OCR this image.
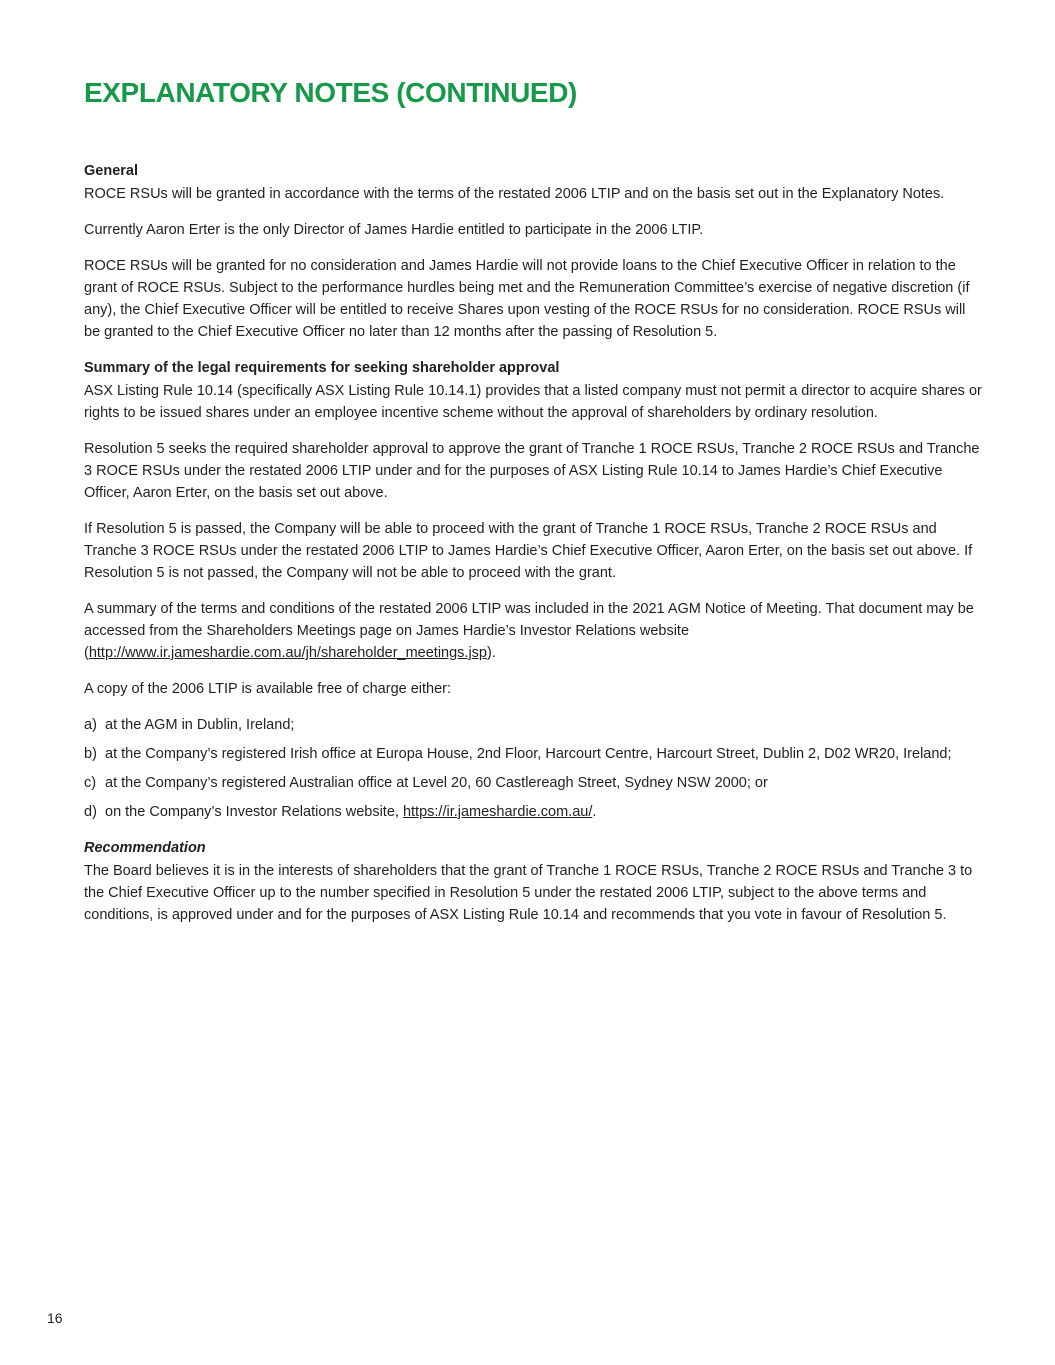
EXPLANATORY NOTES (CONTINUED)
General

ROCE RSUs will be granted in accordance with the terms of the restated 2006 LTIP and on the basis set out in the Explanatory Notes.

Currently Aaron Erter is the only Director of James Hardie entitled to participate in the 2006 LTIP.

ROCE RSUs will be granted for no consideration and James Hardie will not provide loans to the Chief Executive Officer in relation to the grant of ROCE RSUs. Subject to the performance hurdles being met and the Remuneration Committee’s exercise of negative discretion (if any), the Chief Executive Officer will be entitled to receive Shares upon vesting of the ROCE RSUs for no consideration. ROCE RSUs will be granted to the Chief Executive Officer no later than 12 months after the passing of Resolution 5.

Summary of the legal requirements for seeking shareholder approval

ASX Listing Rule 10.14 (specifically ASX Listing Rule 10.14.1) provides that a listed company must not permit a director to acquire shares or rights to be issued shares under an employee incentive scheme without the approval of shareholders by ordinary resolution.

Resolution 5 seeks the required shareholder approval to approve the grant of Tranche 1 ROCE RSUs, Tranche 2 ROCE RSUs and Tranche 3 ROCE RSUs under the restated 2006 LTIP under and for the purposes of ASX Listing Rule 10.14 to James Hardie’s Chief Executive Officer, Aaron Erter, on the basis set out above.

If Resolution 5 is passed, the Company will be able to proceed with the grant of Tranche 1 ROCE RSUs, Tranche 2 ROCE RSUs and Tranche 3 ROCE RSUs under the restated 2006 LTIP to James Hardie’s Chief Executive Officer, Aaron Erter, on the basis set out above. If Resolution 5 is not passed, the Company will not be able to proceed with the grant.

A summary of the terms and conditions of the restated 2006 LTIP was included in the 2021 AGM Notice of Meeting. That document may be accessed from the Shareholders Meetings page on James Hardie’s Investor Relations website (http://www.ir.jameshardie.com.au/jh/shareholder_meetings.jsp).

A copy of the 2006 LTIP is available free of charge either:

a) at the AGM in Dublin, Ireland;
b) at the Company’s registered Irish office at Europa House, 2nd Floor, Harcourt Centre, Harcourt Street, Dublin 2, D02 WR20, Ireland;
c) at the Company’s registered Australian office at Level 20, 60 Castlereagh Street, Sydney NSW 2000; or
d) on the Company’s Investor Relations website, https://ir.jameshardie.com.au/.
Recommendation

The Board believes it is in the interests of shareholders that the grant of Tranche 1 ROCE RSUs, Tranche 2 ROCE RSUs and Tranche 3 to the Chief Executive Officer up to the number specified in Resolution 5 under the restated 2006 LTIP, subject to the above terms and conditions, is approved under and for the purposes of ASX Listing Rule 10.14 and recommends that you vote in favour of Resolution 5.

16
